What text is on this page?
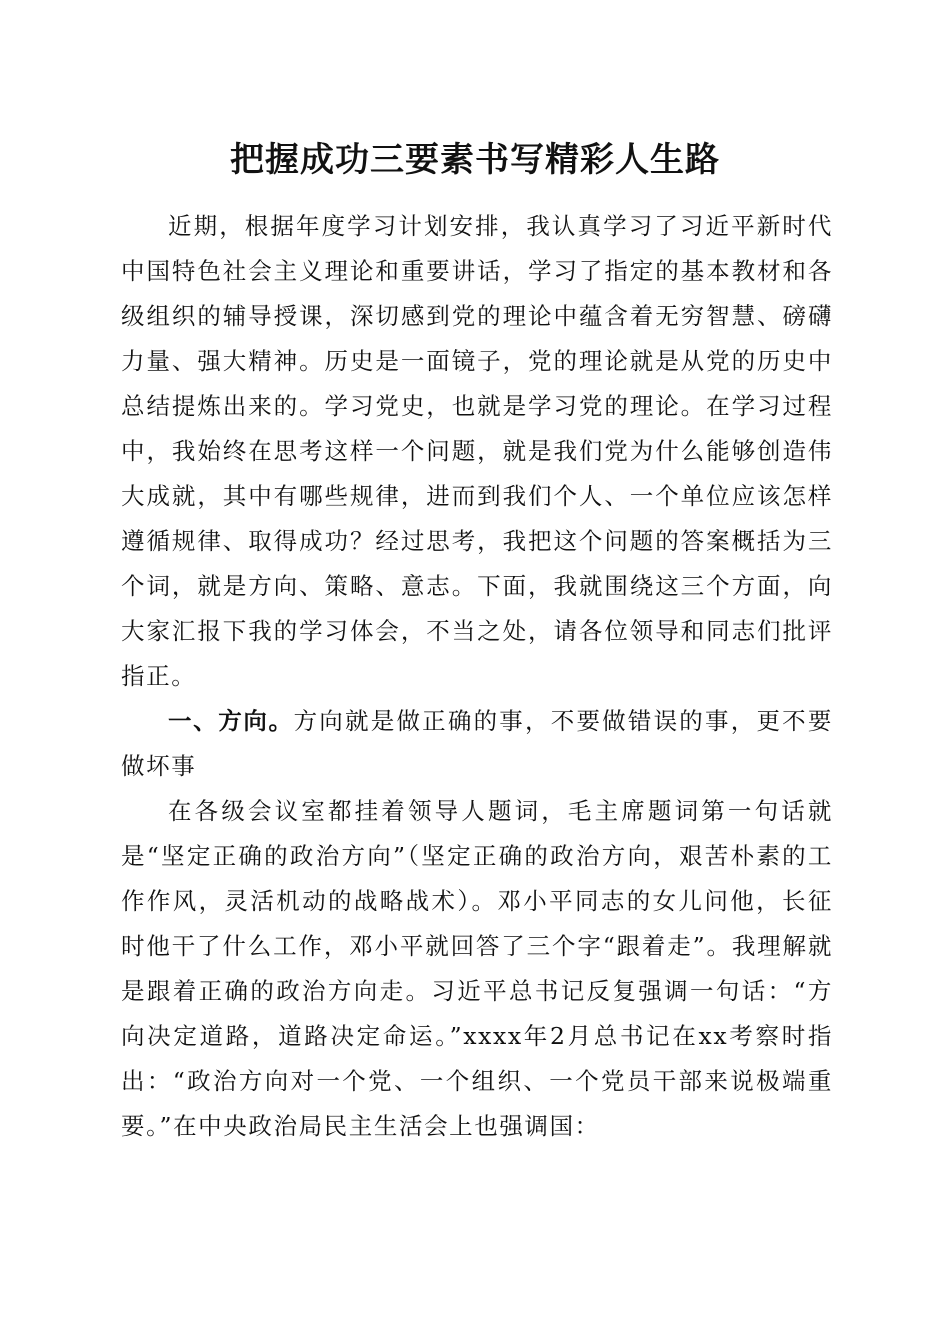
把握成功三要素书写精彩人生路

近期，根据年度学习计划安排，我认真学习了习近平新时代中国特色社会主义理论和重要讲话，学习了指定的基本教材和各级组织的辅导授课，深切感到党的理论中蕴含着无穷智慧、磅礴力量、强大精神。历史是一面镜子，党的理论就是从党的历史中总结提炼出来的。学习党史，也就是学习党的理论。在学习过程中，我始终在思考这样一个问题，就是我们党为什么能够创造伟大成就，其中有哪些规律，进而到我们个人、一个单位应该怎样遵循规律、取得成功？经过思考，我把这个问题的答案概括为三个词，就是方向、策略、意志。下面，我就围绕这三个方面，向大家汇报下我的学习体会，不当之处，请各位领导和同志们批评指正。

一、方向。方向就是做正确的事，不要做错误的事，更不要做坏事

在各级会议室都挂着领导人题词，毛主席题词第一句话就是“坚定正确的政治方向”（坚定正确的政治方向，艰苦朴素的工作作风，灵活机动的战略战术）。邓小平同志的女儿问他，长征时他干了什么工作，邓小平就回答了三个字“跟着走”。我理解就是跟着正确的政治方向走。习近平总书记反复强调一句话：“方向决定道路，道路决定命运。”xxxx年2月总书记在xx考察时指出：“政治方向对一个党、一个组织、一个党员干部来说极端重要。”在中央政治局民主生活会上也强调国：
